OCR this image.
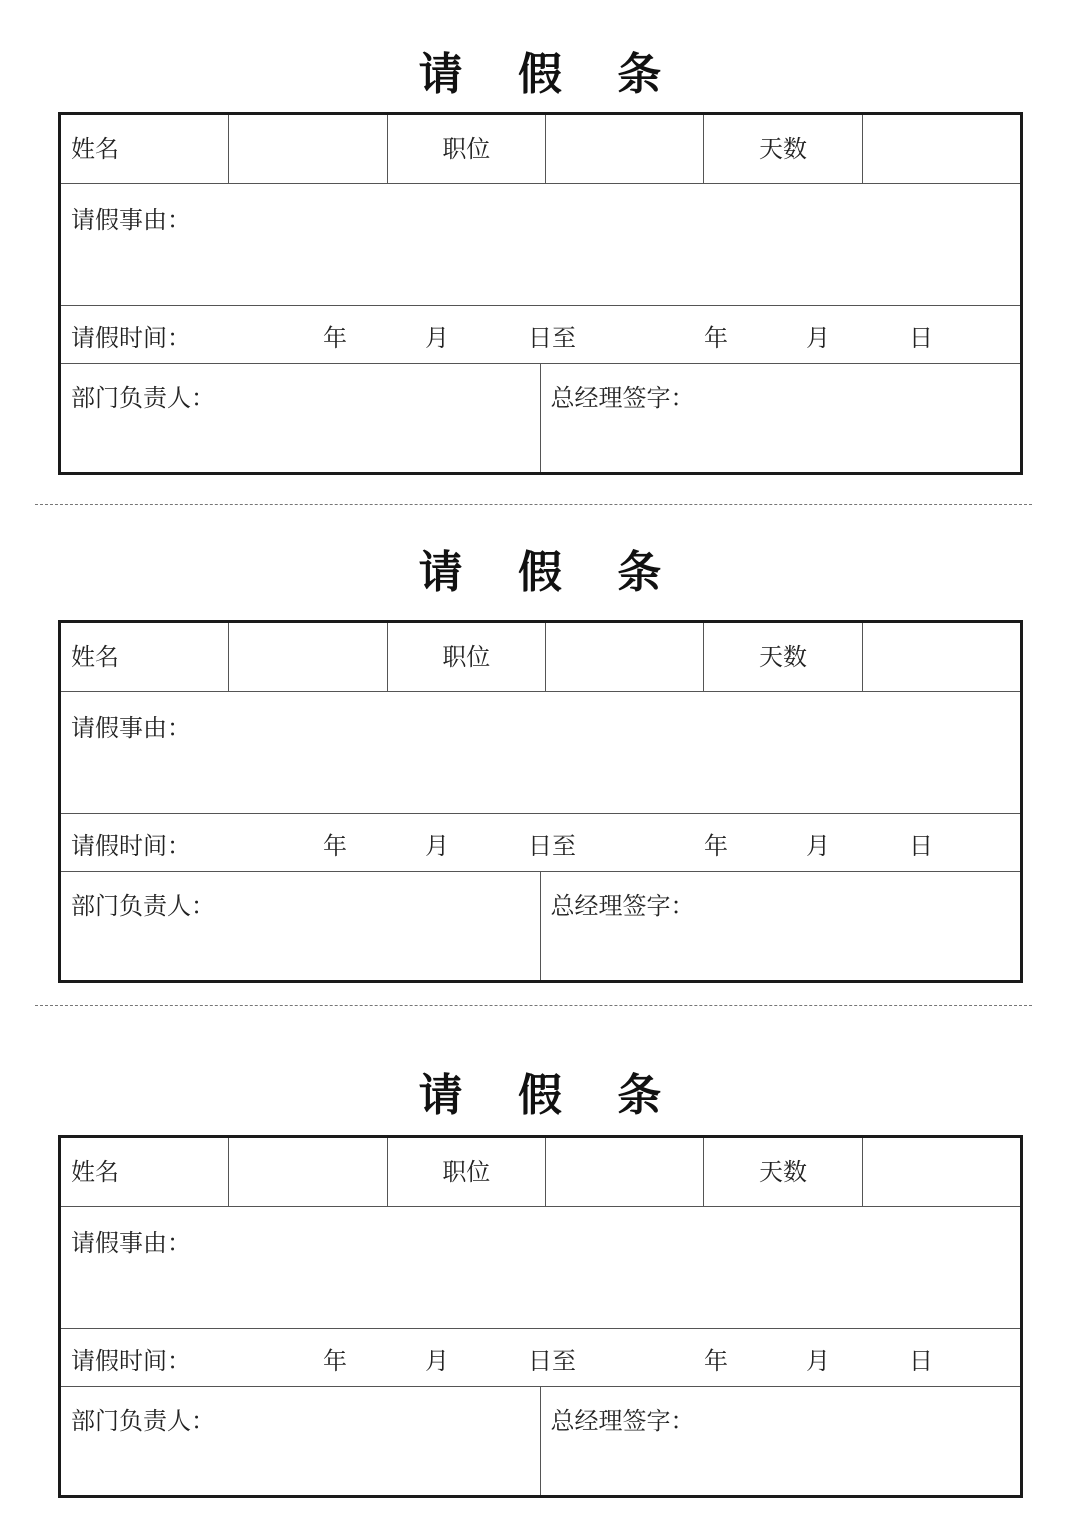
请 假 条
姓名	职位	天数
请假事由：
请假时间：	年	月	日至	年	月	日
部门负责人：	总经理签字：
请 假 条
姓名	职位	天数
请假事由：
请假时间：	年	月	日至	年	月	日
部门负责人：	总经理签字：
请 假 条
姓名	职位	天数
请假事由：
请假时间：	年	月	日至	年	月	日
部门负责人：	总经理签字：
